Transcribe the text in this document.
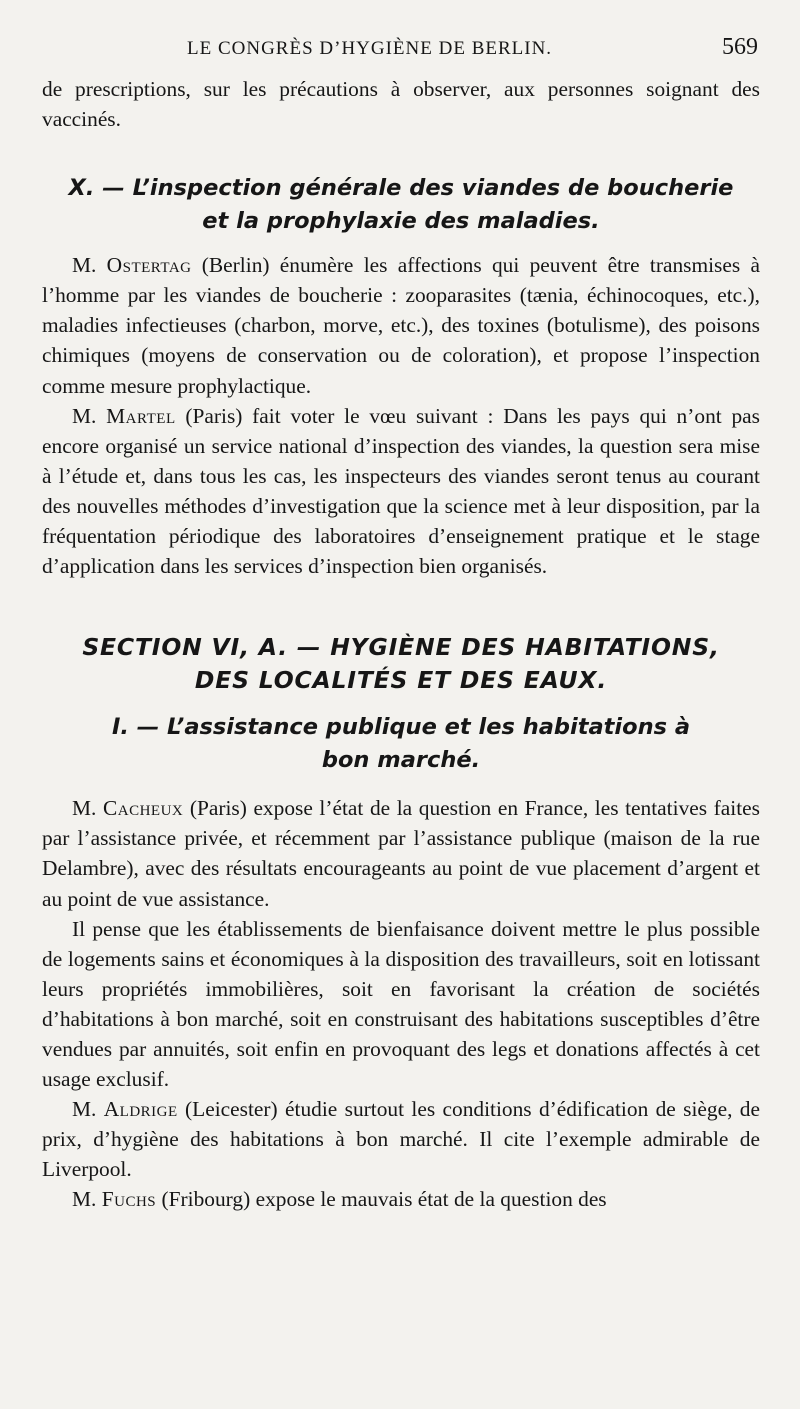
LE CONGRÈS D’HYGIÈNE DE BERLIN.	569

de prescriptions, sur les précautions à observer, aux personnes soignant des vaccinés.

X. — L’inspection générale des viandes de boucherie
et la prophylaxie des maladies.

M. Ostertag (Berlin) énumère les affections qui peuvent être transmises à l’homme par les viandes de boucherie : zooparasites (tænia, échinocoques, etc.), maladies infectieuses (charbon, morve, etc.), des toxines (botulisme), des poisons chimiques (moyens de conservation ou de coloration), et propose l’inspection comme mesure prophylactique.

M. Martel (Paris) fait voter le vœu suivant : Dans les pays qui n’ont pas encore organisé un service national d’inspection des viandes, la question sera mise à l’étude et, dans tous les cas, les inspecteurs des viandes seront tenus au courant des nouvelles méthodes d’investigation que la science met à leur disposition, par la fréquentation périodique des laboratoires d’enseignement pratique et le stage d’application dans les services d’inspection bien organisés.

SECTION VI, A. — HYGIÈNE DES HABITATIONS,
DES LOCALITÉS ET DES EAUX.
I. — L’assistance publique et les habitations à
bon marché.

M. Cacheux (Paris) expose l’état de la question en France, les tentatives faites par l’assistance privée, et récemment par l’assistance publique (maison de la rue Delambre), avec des résultats encourageants au point de vue placement d’argent et au point de vue assistance.

Il pense que les établissements de bienfaisance doivent mettre le plus possible de logements sains et économiques à la disposition des travailleurs, soit en lotissant leurs propriétés immobilières, soit en favorisant la création de sociétés d’habitations à bon marché, soit en construisant des habitations susceptibles d’être vendues par annuités, soit enfin en provoquant des legs et donations affectés à cet usage exclusif.

M. Aldrige (Leicester) étudie surtout les conditions d’édification de siège, de prix, d’hygiène des habitations à bon marché. Il cite l’exemple admirable de Liverpool.

M. Fuchs (Fribourg) expose le mauvais état de la question des
